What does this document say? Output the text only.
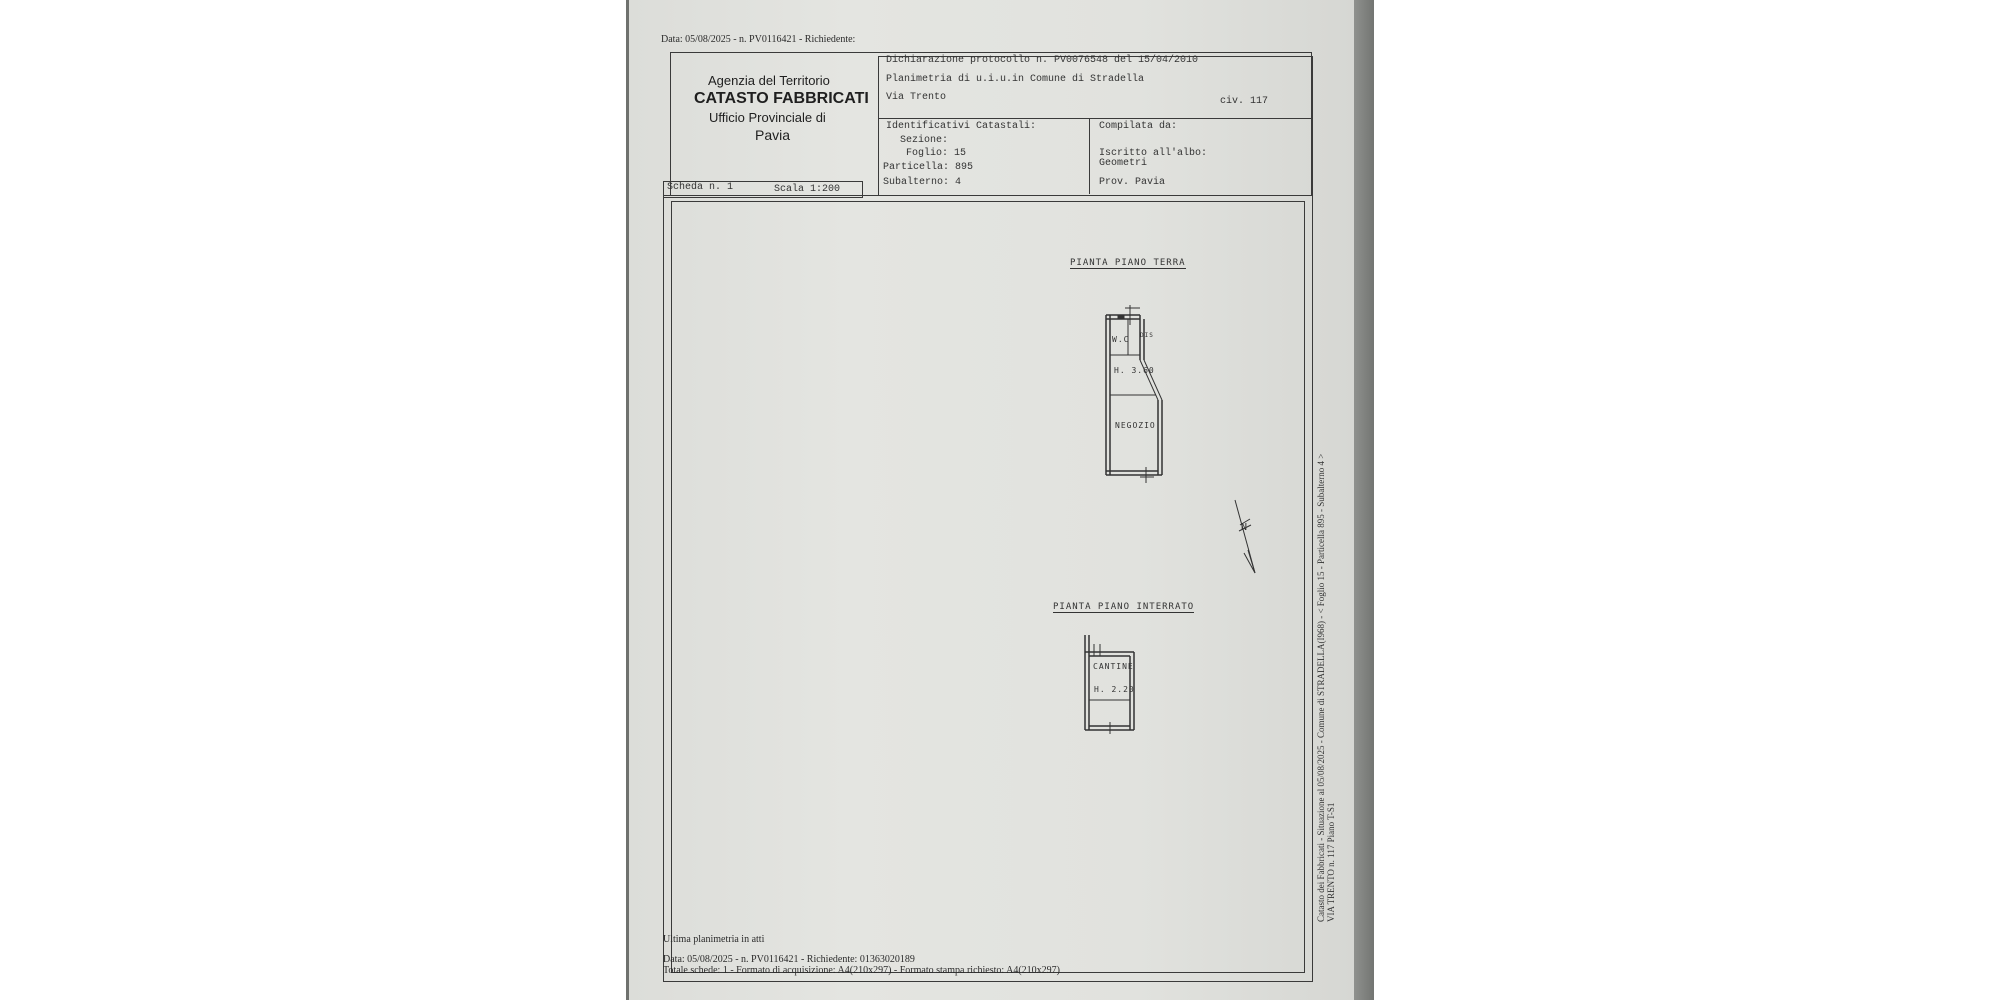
Data: 05/08/2025 - n. PV0116421 - Richiedente:
Agenzia del Territorio
CATASTO FABBRICATI
Ufficio Provinciale di
Pavia
Dichiarazione protocollo n. PV0076548 del 15/04/2010
Planimetria di u.i.u.in Comune di Stradella
Via Trento	civ. 117
Identificativi Catastali:
Sezione:
Foglio: 15
Particella: 895
Subalterno: 4
Compilata da:
Iscritto all'albo:
Geometri
Prov. Pavia
Scheda n. 1	Scala 1:200
PIANTA PIANO TERRA
W.C DIS
H. 3.60
NEGOZIO
N
PIANTA PIANO INTERRATO
CANTINE
H. 2.20	Catasto dei Fabbricati - Situazione al 05/08/2025 - Comune di STRADELLA(I968) - < Foglio 15 - Particella 895 - Subalterno 4 > VIA TRENTO n. 117 Piano T-S1
Ultima planimetria in atti
Data: 05/08/2025 - n. PV0116421 - Richiedente: 01363020189
Totale schede: 1 - Formato di acquisizione: A4(210x297) - Formato stampa richiesto: A4(210x297)
